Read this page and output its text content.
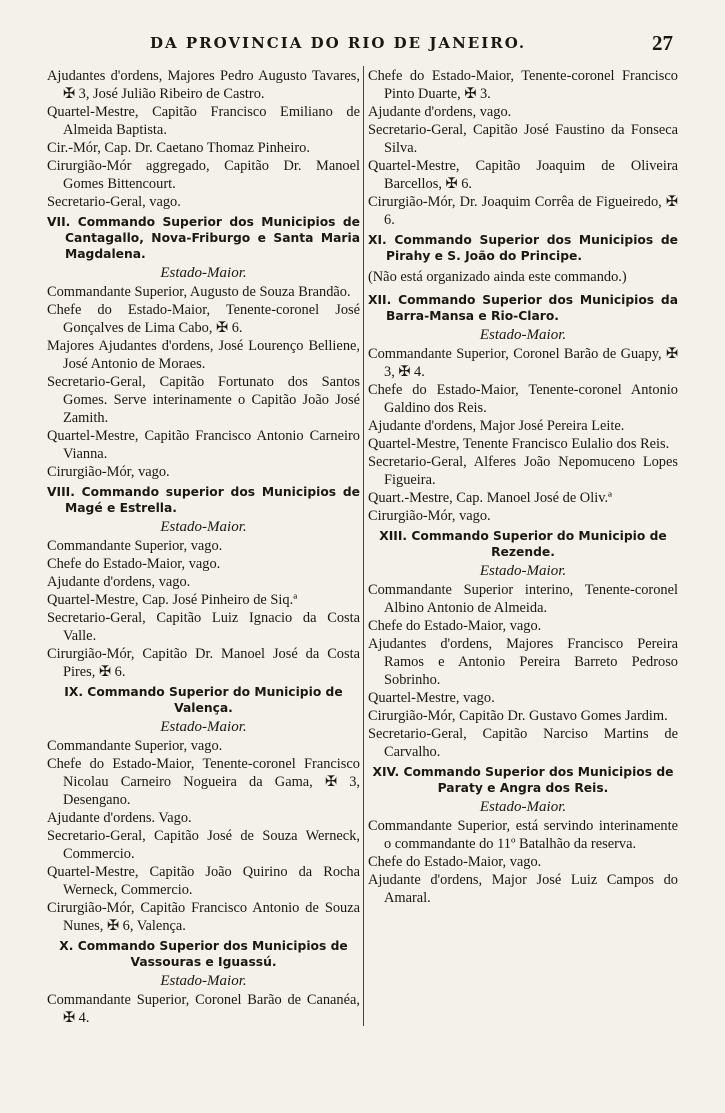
DA PROVINCIA DO RIO DE JANEIRO.	27

Ajudantes d'ordens, Majores Pedro Augusto Tavares, ✠ 3, José Julião Ribeiro de Castro.

Quartel-Mestre, Capitão Francisco Emiliano de Almeida Baptista.

Cir.-Mór, Cap. Dr. Caetano Thomaz Pinheiro.

Cirurgião-Mór aggregado, Capitão Dr. Manoel Gomes Bittencourt.

Secretario-Geral, vago.

VII. Commando Superior dos Municipios de Cantagallo, Nova-Friburgo e Santa Maria Magdalena.

Estado-Maior.

Commandante Superior, Augusto de Souza Brandão.

Chefe do Estado-Maior, Tenente-coronel José Gonçalves de Lima Cabo, ✠ 6.

Majores Ajudantes d'ordens, José Lourenço Belliene, José Antonio de Moraes.

Secretario-Geral, Capitão Fortunato dos Santos Gomes. Serve interinamente o Capitão João José Zamith.

Quartel-Mestre, Capitão Francisco Antonio Carneiro Vianna.

Cirurgião-Mór, vago.

VIII. Commando superior dos Municipios de Magé e Estrella.

Estado-Maior.

Commandante Superior, vago.

Chefe do Estado-Maior, vago.

Ajudante d'ordens, vago.

Quartel-Mestre, Cap. José Pinheiro de Siq.ª

Secretario-Geral, Capitão Luiz Ignacio da Costa Valle.

Cirurgião-Mór, Capitão Dr. Manoel José da Costa Pires, ✠ 6.

IX. Commando Superior do Municipio de Valença.

Estado-Maior.

Commandante Superior, vago.

Chefe do Estado-Maior, Tenente-coronel Francisco Nicolau Carneiro Nogueira da Gama, ✠ 3, Desengano.

Ajudante d'ordens. Vago.

Secretario-Geral, Capitão José de Souza Werneck, Commercio.

Quartel-Mestre, Capitão João Quirino da Rocha Werneck, Commercio.

Cirurgião-Mór, Capitão Francisco Antonio de Souza Nunes, ✠ 6, Valença.

X. Commando Superior dos Municipios de Vassouras e Iguassú.

Estado-Maior.

Commandante Superior, Coronel Barão de Cananéa, ✠ 4.

Chefe do Estado-Maior, Tenente-coronel Francisco Pinto Duarte, ✠ 3.

Ajudante d'ordens, vago.

Secretario-Geral, Capitão José Faustino da Fonseca Silva.

Quartel-Mestre, Capitão Joaquim de Oliveira Barcellos, ✠ 6.

Cirurgião-Mór, Dr. Joaquim Corrêa de Figueiredo, ✠ 6.

XI. Commando Superior dos Municipios de Pirahy e S. João do Principe.

(Não está organizado ainda este commando.)

XII. Commando Superior dos Municipios da Barra-Mansa e Rio-Claro.

Estado-Maior.

Commandante Superior, Coronel Barão de Guapy, ✠ 3, ✠ 4.

Chefe do Estado-Maior, Tenente-coronel Antonio Galdino dos Reis.

Ajudante d'ordens, Major José Pereira Leite.

Quartel-Mestre, Tenente Francisco Eulalio dos Reis.

Secretario-Geral, Alferes João Nepomuceno Lopes Figueira.

Quart.-Mestre, Cap. Manoel José de Oliv.ª

Cirurgião-Mór, vago.

XIII. Commando Superior do Municipio de Rezende.

Estado-Maior.

Commandante Superior interino, Tenente-coronel Albino Antonio de Almeida.

Chefe do Estado-Maior, vago.

Ajudantes d'ordens, Majores Francisco Pereira Ramos e Antonio Pereira Barreto Pedroso Sobrinho.

Quartel-Mestre, vago.

Cirurgião-Mór, Capitão Dr. Gustavo Gomes Jardim.

Secretario-Geral, Capitão Narciso Martins de Carvalho.

XIV. Commando Superior dos Municipios de Paraty e Angra dos Reis.

Estado-Maior.

Commandante Superior, está servindo interinamente o commandante do 11º Batalhão da reserva.

Chefe do Estado-Maior, vago.

Ajudante d'ordens, Major José Luiz Campos do Amaral.
